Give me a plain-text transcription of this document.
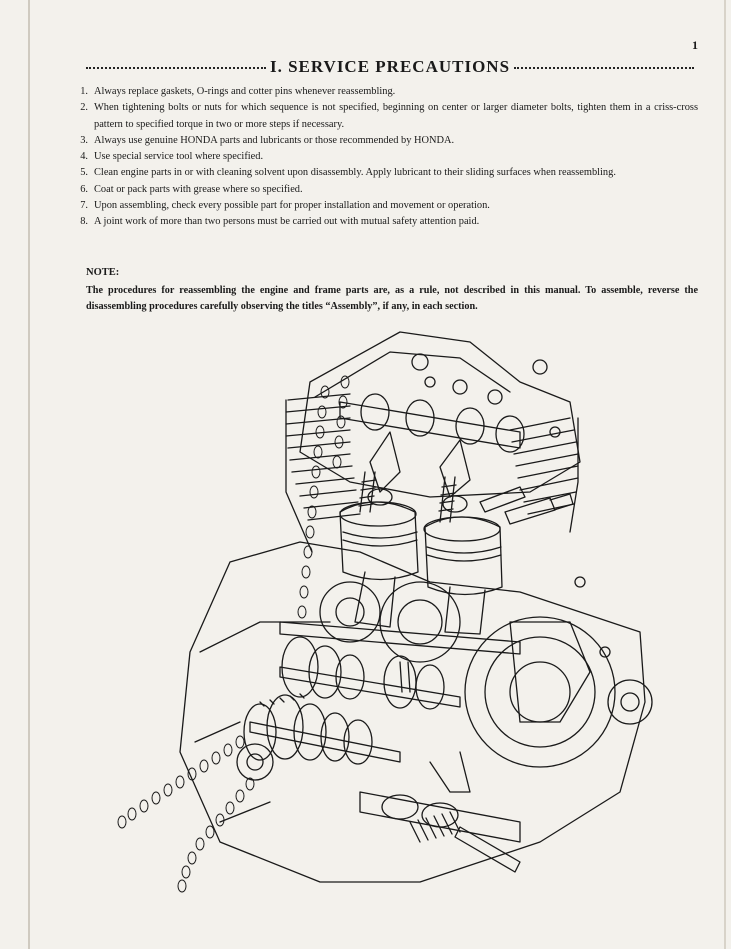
1
I. SERVICE PRECAUTIONS
1. Always replace gaskets, O-rings and cotter pins whenever reassembling.
2. When tightening bolts or nuts for which sequence is not specified, beginning on center or larger diameter bolts, tighten them in a criss-cross pattern to specified torque in two or more steps if necessary.
3. Always use genuine HONDA parts and lubricants or those recommended by HONDA.
4. Use special service tool where specified.
5. Clean engine parts in or with cleaning solvent upon disassembly. Apply lubricant to their sliding surfaces when reassembling.
6. Coat or pack parts with grease where so specified.
7. Upon assembling, check every possible part for proper installation and movement or operation.
8. A joint work of more than two persons must be carried out with mutual safety attention paid.
NOTE:
The procedures for reassembling the engine and frame parts are, as a rule, not described in this manual. To assemble, reverse the disassembling procedures carefully observing the titles “Assembly”, if any, in each section.
